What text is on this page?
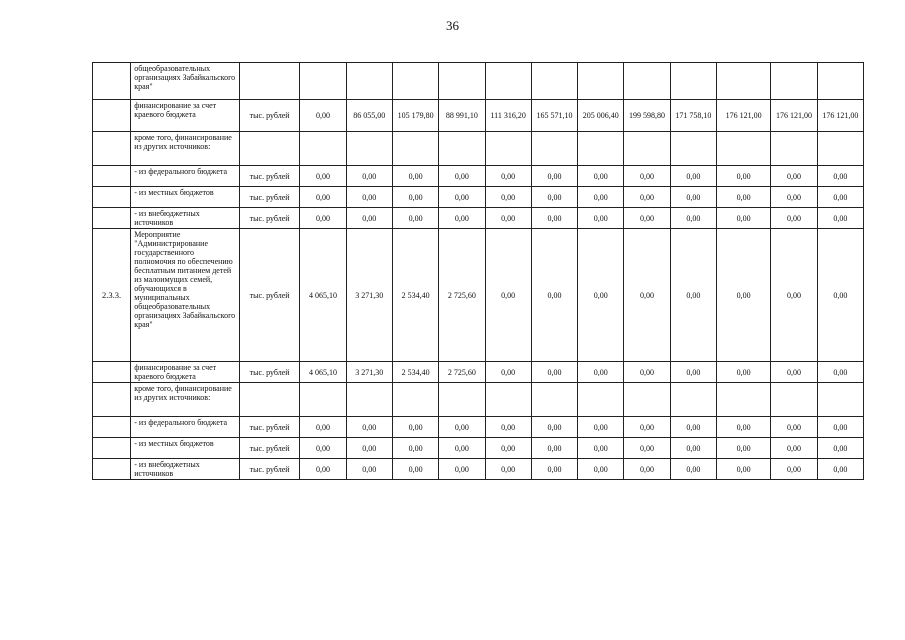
36
	общеобразовательных организациях Забайкальского края"													
	финансирование за счет краевого бюджета	тыс. рублей	0,00	86 055,00	105 179,80	88 991,10	111 316,20	165 571,10	205 006,40	199 598,80	171 758,10	176 121,00	176 121,00	176 121,00
	кроме того, финансирование из других источников:													
	- из федерального бюджета	тыс. рублей	0,00	0,00	0,00	0,00	0,00	0,00	0,00	0,00	0,00	0,00	0,00	0,00
	- из местных бюджетов	тыс. рублей	0,00	0,00	0,00	0,00	0,00	0,00	0,00	0,00	0,00	0,00	0,00	0,00
	- из внебюджетных источников	тыс. рублей	0,00	0,00	0,00	0,00	0,00	0,00	0,00	0,00	0,00	0,00	0,00	0,00
2.3.3.	Мероприятие "Администрирование государственного полномочия по обеспечению бесплатным питанием детей из малоимущих семей, обучающихся в муниципальных общеобразовательных организациях Забайкальского края"	тыс. рублей	4 065,10	3 271,30	2 534,40	2 725,60	0,00	0,00	0,00	0,00	0,00	0,00	0,00	0,00
	финансирование за счет краевого бюджета	тыс. рублей	4 065,10	3 271,30	2 534,40	2 725,60	0,00	0,00	0,00	0,00	0,00	0,00	0,00	0,00
	кроме того, финансирование из других источников:													
	- из федерального бюджета	тыс. рублей	0,00	0,00	0,00	0,00	0,00	0,00	0,00	0,00	0,00	0,00	0,00	0,00
	- из местных бюджетов	тыс. рублей	0,00	0,00	0,00	0,00	0,00	0,00	0,00	0,00	0,00	0,00	0,00	0,00
	- из внебюджетных источников	тыс. рублей	0,00	0,00	0,00	0,00	0,00	0,00	0,00	0,00	0,00	0,00	0,00	0,00
